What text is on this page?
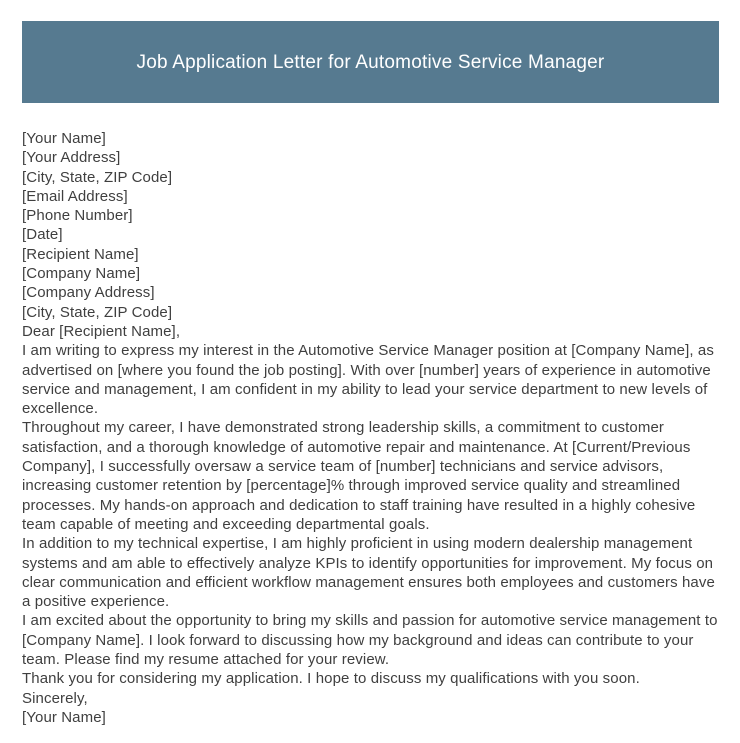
Job Application Letter for Automotive Service Manager

[Your Name]

[Your Address]

[City, State, ZIP Code]

[Email Address]

[Phone Number]

[Date]

[Recipient Name]

[Company Name]

[Company Address]

[City, State, ZIP Code]

Dear [Recipient Name],

I am writing to express my interest in the Automotive Service Manager position at [Company Name], as advertised on [where you found the job posting]. With over [number] years of experience in automotive service and management, I am confident in my ability to lead your service department to new levels of excellence.

Throughout my career, I have demonstrated strong leadership skills, a commitment to customer satisfaction, and a thorough knowledge of automotive repair and maintenance. At [Current/Previous Company], I successfully oversaw a service team of [number] technicians and service advisors, increasing customer retention by [percentage]% through improved service quality and streamlined processes. My hands-on approach and dedication to staff training have resulted in a highly cohesive team capable of meeting and exceeding departmental goals.

In addition to my technical expertise, I am highly proficient in using modern dealership management systems and am able to effectively analyze KPIs to identify opportunities for improvement. My focus on clear communication and efficient workflow management ensures both employees and customers have a positive experience.

I am excited about the opportunity to bring my skills and passion for automotive service management to [Company Name]. I look forward to discussing how my background and ideas can contribute to your team. Please find my resume attached for your review.

Thank you for considering my application. I hope to discuss my qualifications with you soon.

Sincerely,

[Your Name]
